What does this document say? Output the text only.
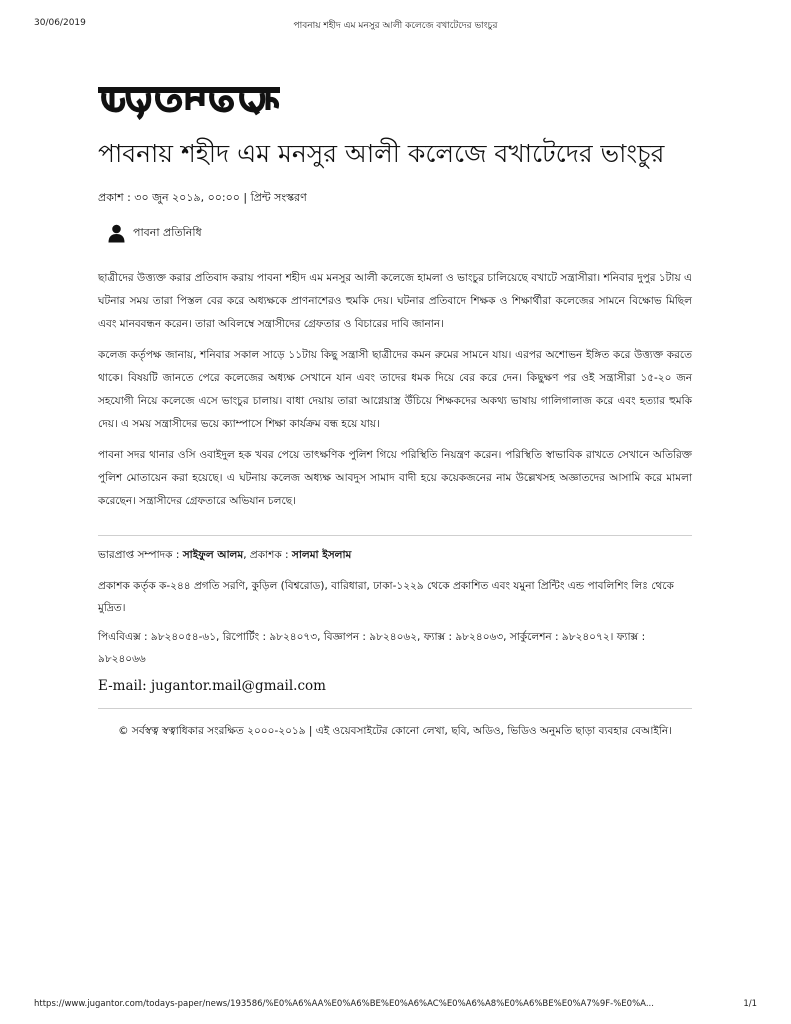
30/06/2019	পাবনায় শহীদ এম মনসুর আলী কলেজে বখাটেদের ভাংচুর
পাবনায় শহীদ এম মনসুর আলী কলেজে বখাটেদের ভাংচুর
প্রকাশ : ৩০ জুন ২০১৯, ০০:০০ | প্রিন্ট সংস্করণ
পাবনা প্রতিনিধি

ছাত্রীদের উত্ত্যক্ত করার প্রতিবাদ করায় পাবনা শহীদ এম মনসুর আলী কলেজে হামলা ও ভাংচুর চালিয়েছে বখাটে সন্ত্রাসীরা। শনিবার দুপুর ১টায় এ ঘটনার সময় তারা পিস্তল বের করে অধ্যক্ষকে প্রাণনাশেরও হুমকি দেয়। ঘটনার প্রতিবাদে শিক্ষক ও শিক্ষার্থীরা কলেজের সামনে বিক্ষোভ মিছিল এবং মানববন্ধন করেন। তারা অবিলম্বে সন্ত্রাসীদের গ্রেফতার ও বিচারের দাবি জানান।

কলেজ কর্তৃপক্ষ জানায়, শনিবার সকাল সাড়ে ১১টায় কিছু সন্ত্রাসী ছাত্রীদের কমন রুমের সামনে যায়। এরপর অশোভন ইঙ্গিত করে উত্ত্যক্ত করতে থাকে। বিষয়টি জানতে পেরে কলেজের অধ্যক্ষ সেখানে যান এবং তাদের ধমক দিয়ে বের করে দেন। কিছুক্ষণ পর ওই সন্ত্রাসীরা ১৫-২০ জন সহযোগী নিয়ে কলেজে এসে ভাংচুর চালায়। বাধা দেয়ায় তারা আগ্নেয়াস্ত্র উঁচিয়ে শিক্ষকদের অকথ্য ভাষায় গালিগালাজ করে এবং হত্যার হুমকি দেয়। এ সময় সন্ত্রাসীদের ভয়ে ক্যাম্পাসে শিক্ষা কার্যক্রম বন্ধ হয়ে যায়।

পাবনা সদর থানার ওসি ওবাইদুল হক খবর পেয়ে তাৎক্ষণিক পুলিশ গিয়ে পরিস্থিতি নিয়ন্ত্রণ করেন। পরিস্থিতি স্বাভাবিক রাখতে সেখানে অতিরিক্ত পুলিশ মোতায়েন করা হয়েছে। এ ঘটনায় কলেজ অধ্যক্ষ আবদুস সামাদ বাদী হয়ে কয়েকজনের নাম উল্লেখসহ অজ্ঞাতদের আসামি করে মামলা করেছেন। সন্ত্রাসীদের গ্রেফতারে অভিযান চলছে।

ভারপ্রাপ্ত সম্পাদক : সাইফুল আলম, প্রকাশক : সালমা ইসলাম

প্রকাশক কর্তৃক ক-২৪৪ প্রগতি সরণি, কুড়িল (বিশ্বরোড), বারিধারা, ঢাকা-১২২৯ থেকে প্রকাশিত এবং যমুনা প্রিন্টিং এন্ড পাবলিশিং লিঃ থেকে মুদ্রিত।

পিএবিএক্স : ৯৮২৪০৫৪-৬১, রিপোর্টিং : ৯৮২৪০৭৩, বিজ্ঞাপন : ৯৮২৪০৬২, ফ্যাক্স : ৯৮২৪০৬৩, সার্কুলেশন : ৯৮২৪০৭২। ফ্যাক্স : ৯৮২৪০৬৬

E-mail: jugantor.mail@gmail.com

© সর্বস্বত্ব স্বত্বাধিকার সংরক্ষিত ২০০০-২০১৯ | এই ওয়েবসাইটের কোনো লেখা, ছবি, অডিও, ভিডিও অনুমতি ছাড়া ব্যবহার বেআইনি।
https://www.jugantor.com/todays-paper/news/193586/%E0%A6%AA%E0%A6%BE%E0%A6%AC%E0%A6%A8%E0%A6%BE%E0%A7%9F-%E0%A...	1/1
